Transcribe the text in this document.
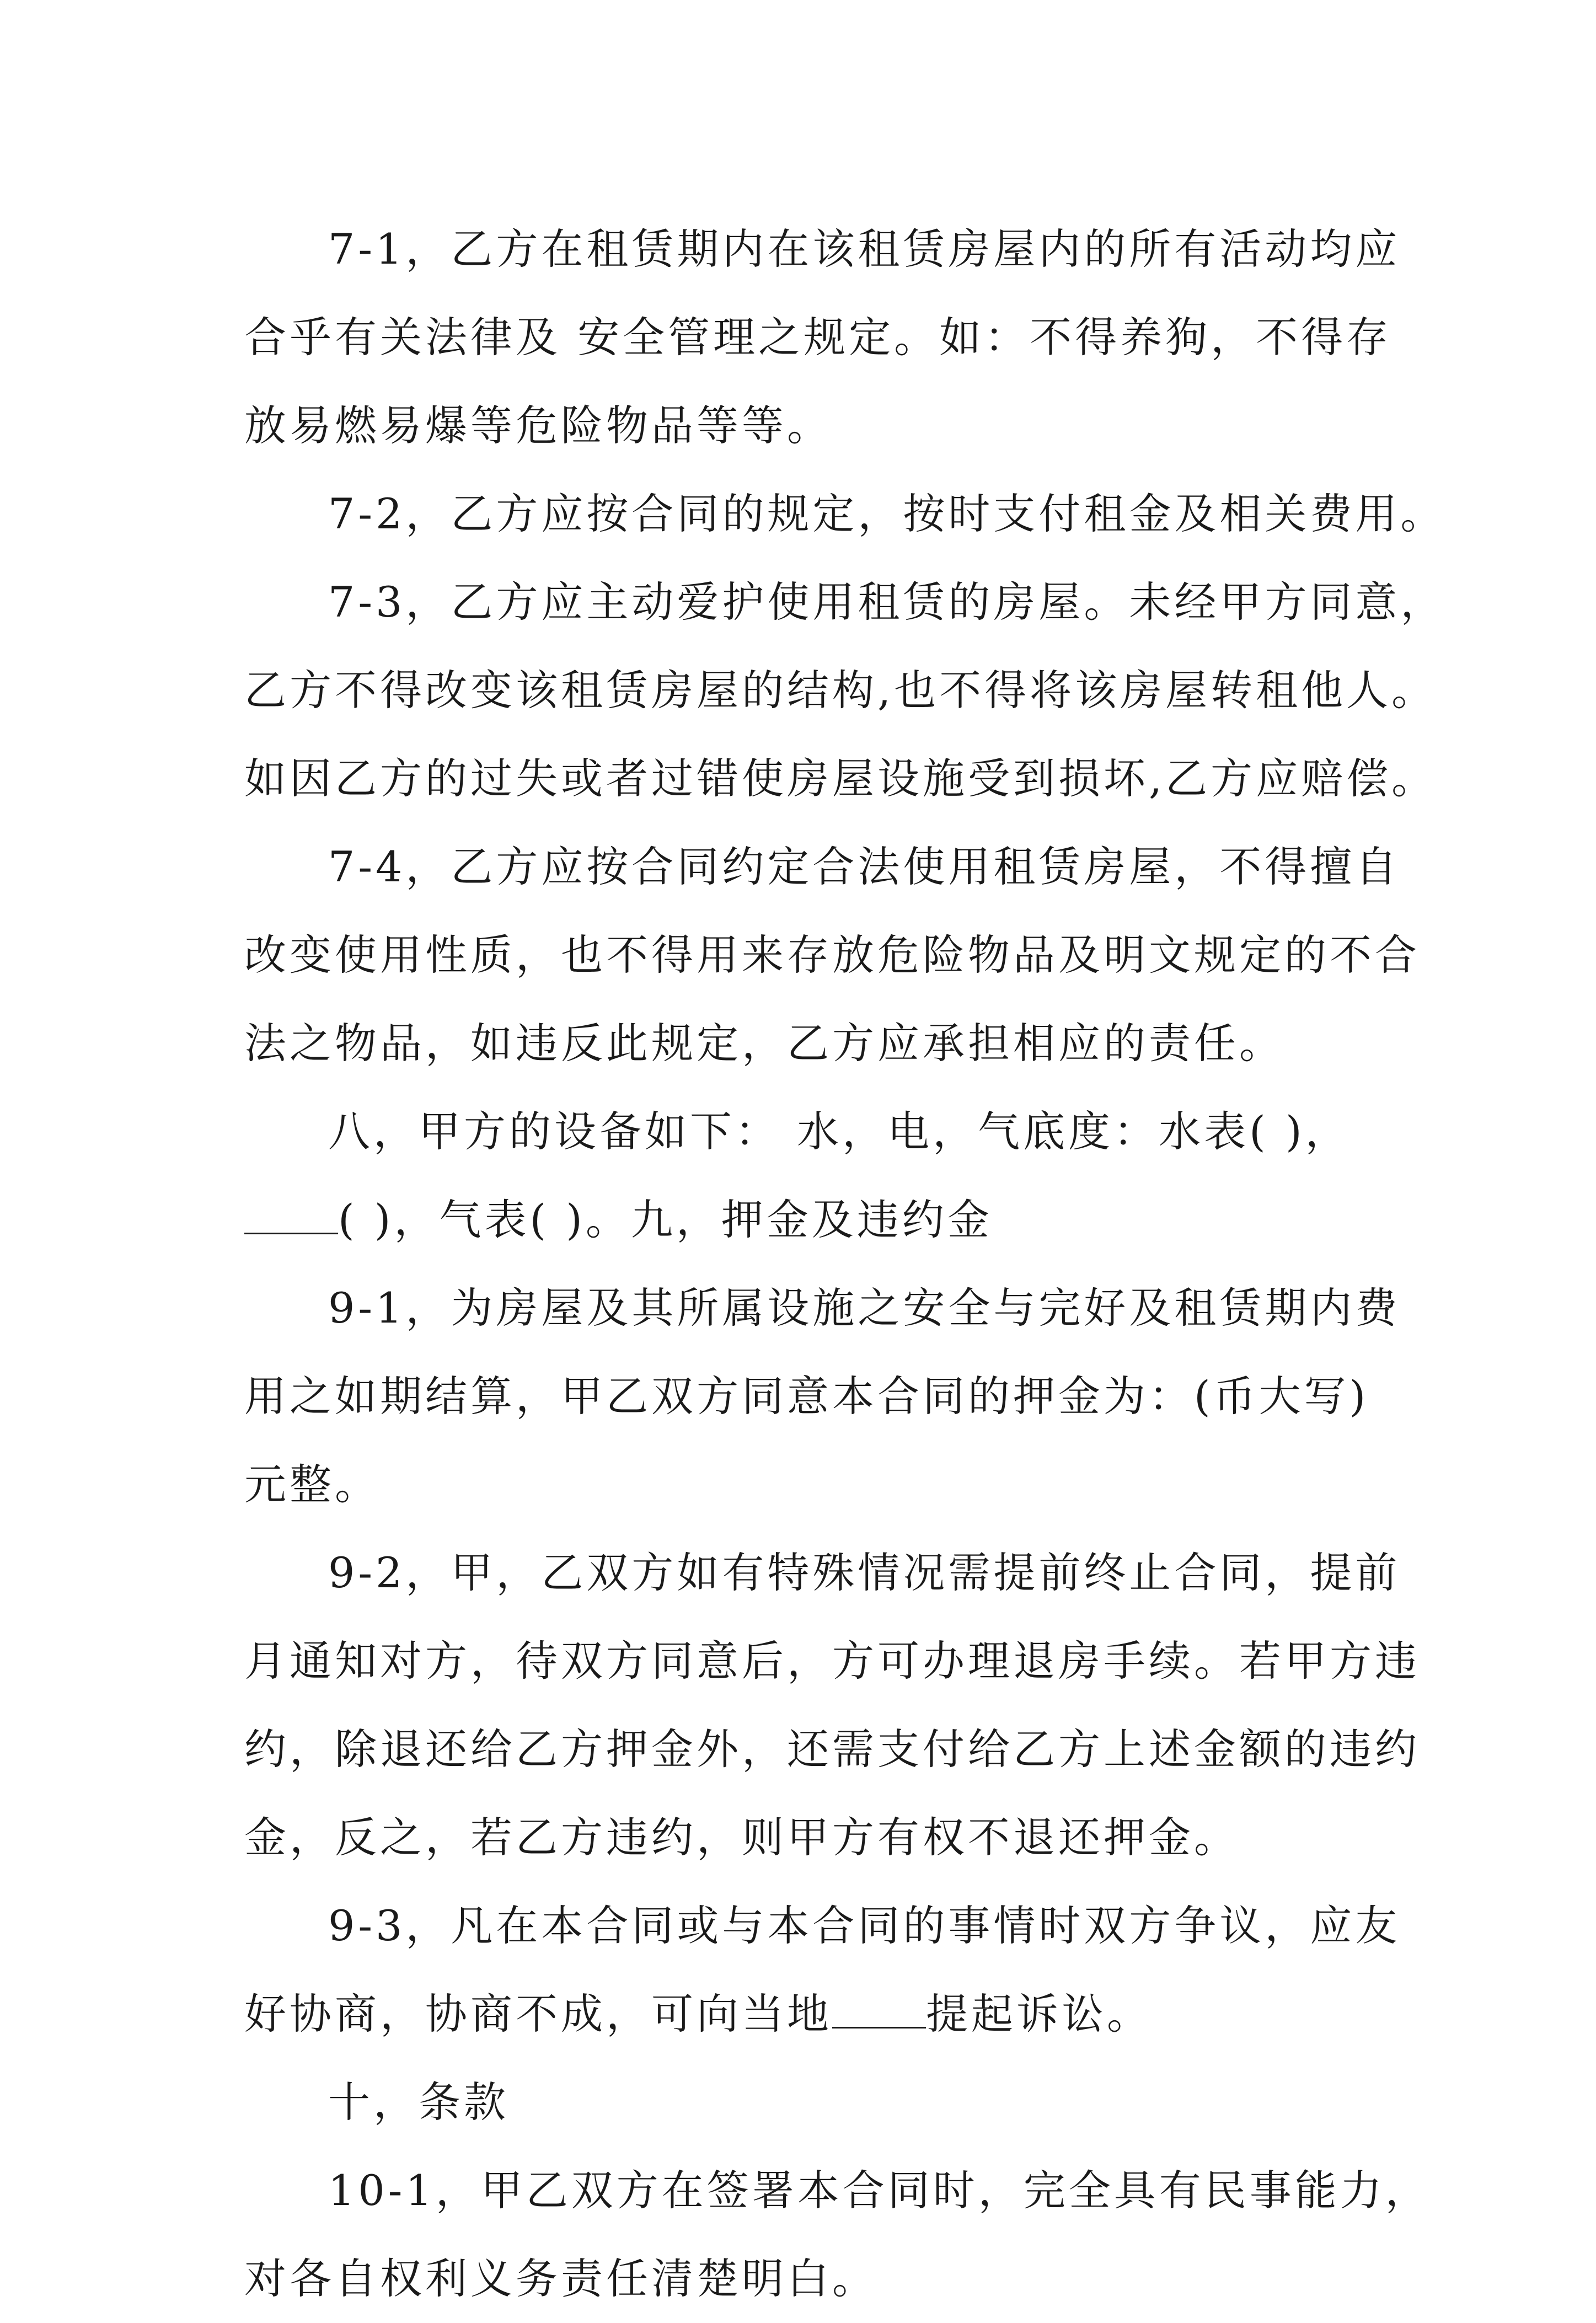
7-1，乙方在租赁期内在该租赁房屋内的所有活动均应
合乎有关法律及 安全管理之规定。如：不得养狗，不得存
放易燃易爆等危险物品等等。
7-2，乙方应按合同的规定，按时支付租金及相关费用。
7-3，乙方应主动爱护使用租赁的房屋。未经甲方同意，
乙方不得改变该租赁房屋的结构,也不得将该房屋转租他人。
如因乙方的过失或者过错使房屋设施受到损坏,乙方应赔偿。
7-4，乙方应按合同约定合法使用租赁房屋，不得擅自
改变使用性质，也不得用来存放危险物品及明文规定的不合
法之物品，如违反此规定，乙方应承担相应的责任。
八，甲方的设备如下： 水，电，气底度：水表( )，
( )，气表( )。九，押金及违约金
9-1，为房屋及其所属设施之安全与完好及租赁期内费
用之如期结算，甲乙双方同意本合同的押金为：(币大写)
元整。
9-2，甲，乙双方如有特殊情况需提前终止合同，提前
月通知对方，待双方同意后，方可办理退房手续。若甲方违
约，除退还给乙方押金外，还需支付给乙方上述金额的违约
金，反之，若乙方违约，则甲方有权不退还押金。
9-3，凡在本合同或与本合同的事情时双方争议，应友
好协商，协商不成，可向当地 提起诉讼。
十，条款
10-1，甲乙双方在签署本合同时，完全具有民事能力，
对各自权利义务责任清楚明白。
